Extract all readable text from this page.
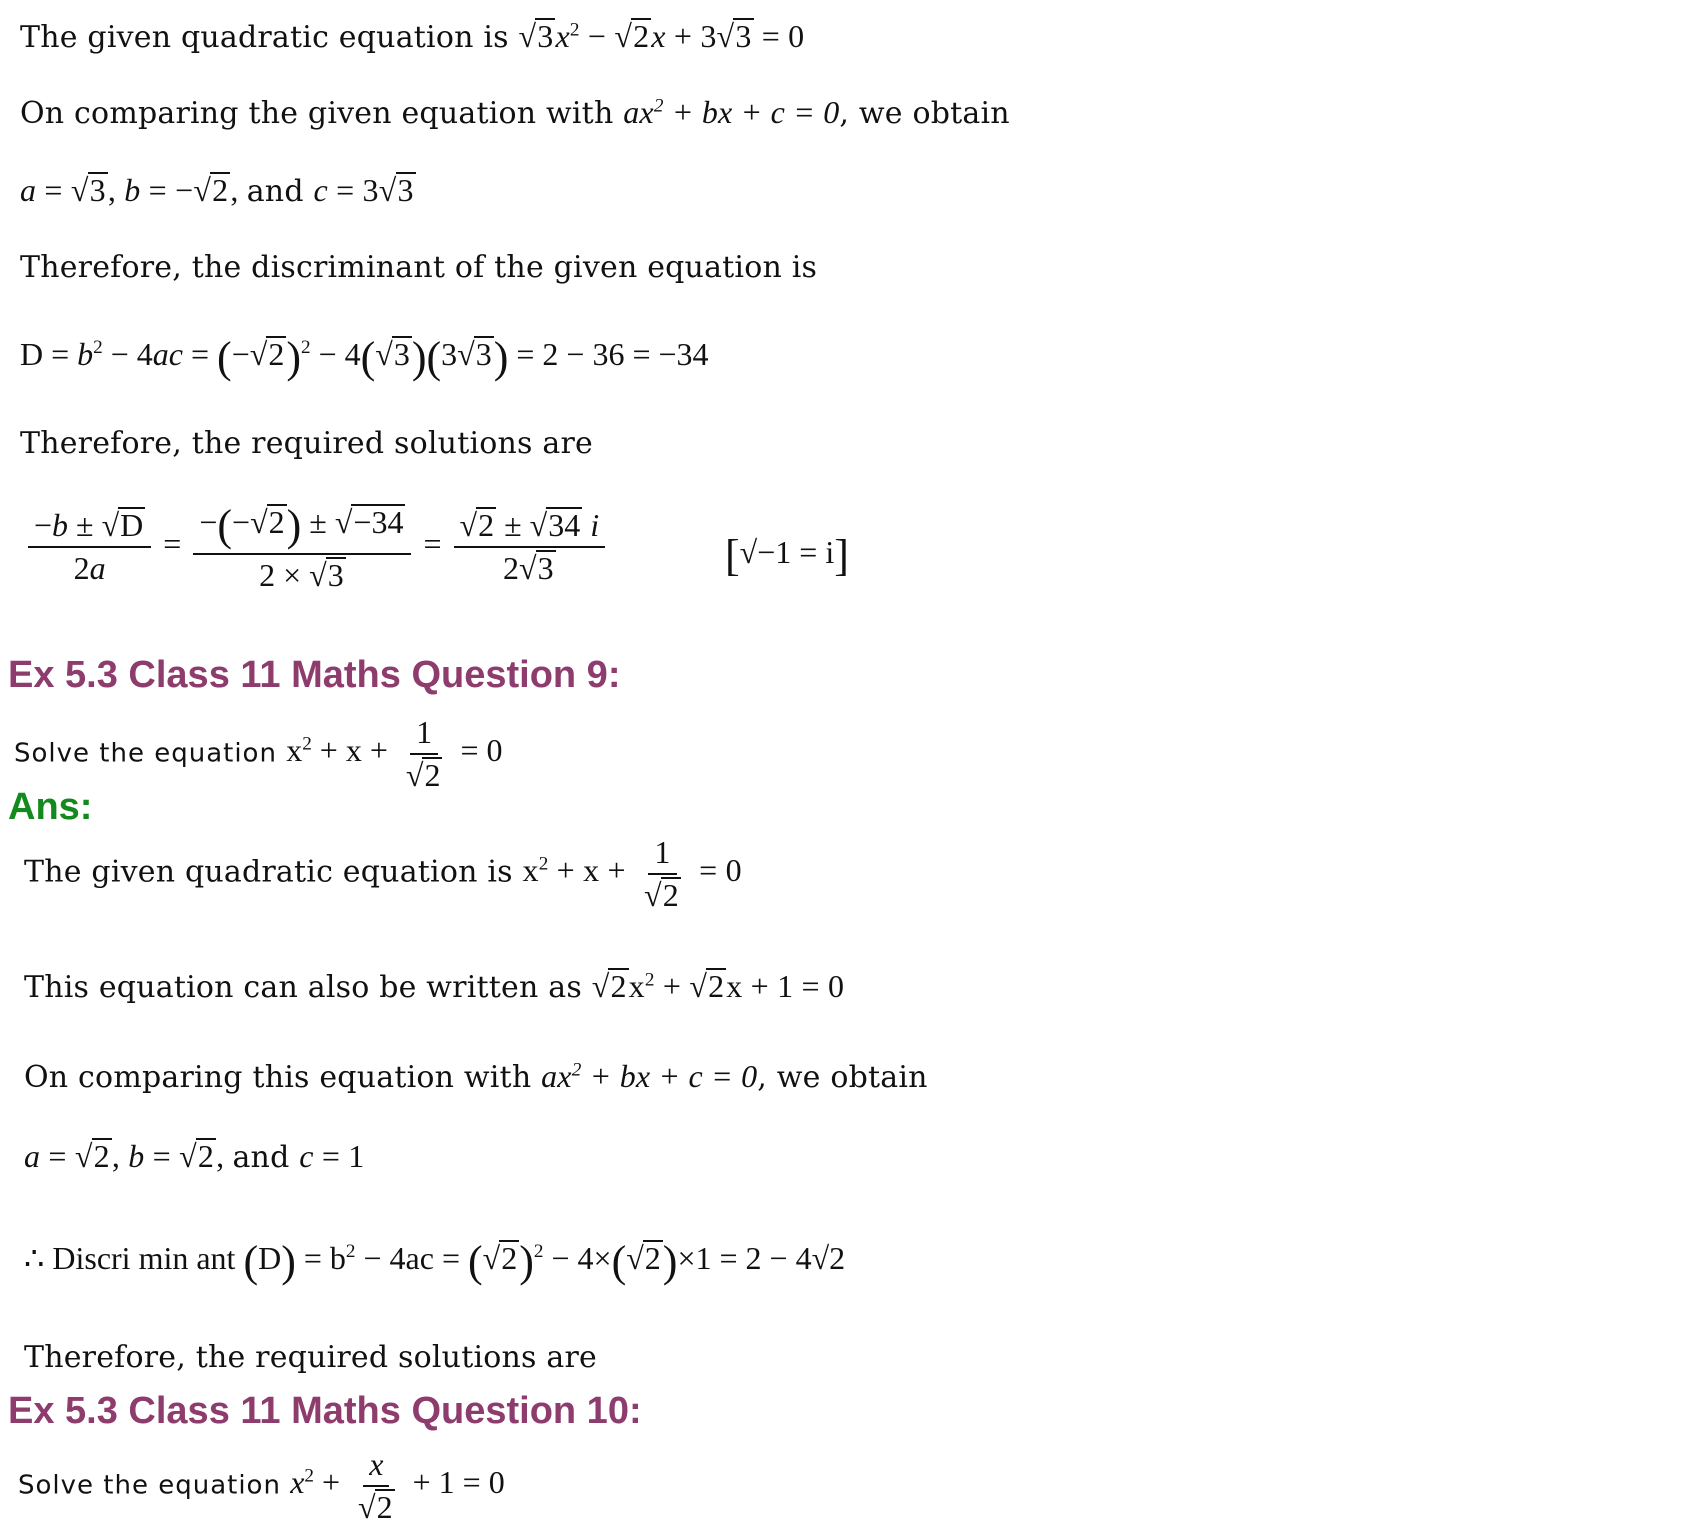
The given quadratic equation is $√3x^2 - √2x + 3√3 = 0$
On comparing the given equation with $ax^2$ + bx + c = 0, we obtain
a = √3, b = −√2, and c = 3√3
Therefore, the discriminant of the given equation is
$D = b^2 - 4ac = (-√2)^2 - 4(√3)(3√3) = 2 - 36 = -34$
Therefore, the required solutions are
$\frac{-b \pm √D}{2a} = \frac{-(-√2) \pm √-34}{2 \times √3} = \frac{√2 \pm √34 i}{2√3}$	[√−1 = i]
Ex 5.3 Class 11 Maths Question 9:
Solve the equation $x^2 + x + \frac{1}{√2} = 0$
Ans:
The given quadratic equation is $x^2 + x + \frac{1}{√2} = 0$
This equation can also be written as $√2x^2 + √2x + 1 = 0$
On comparing this equation with $ax^2$ + bx + c = 0, we obtain
a = √2, b = √2, and c = 1
∴ Discri min ant $(D) = b^2 - 4ac = (√2)^2 - 4\times(√2)\times 1 = 2 - 4√2$
Therefore, the required solutions are
Ex 5.3 Class 11 Maths Question 10:
Solve the equation $x^2 + \frac{x}{√2} + 1 = 0$
